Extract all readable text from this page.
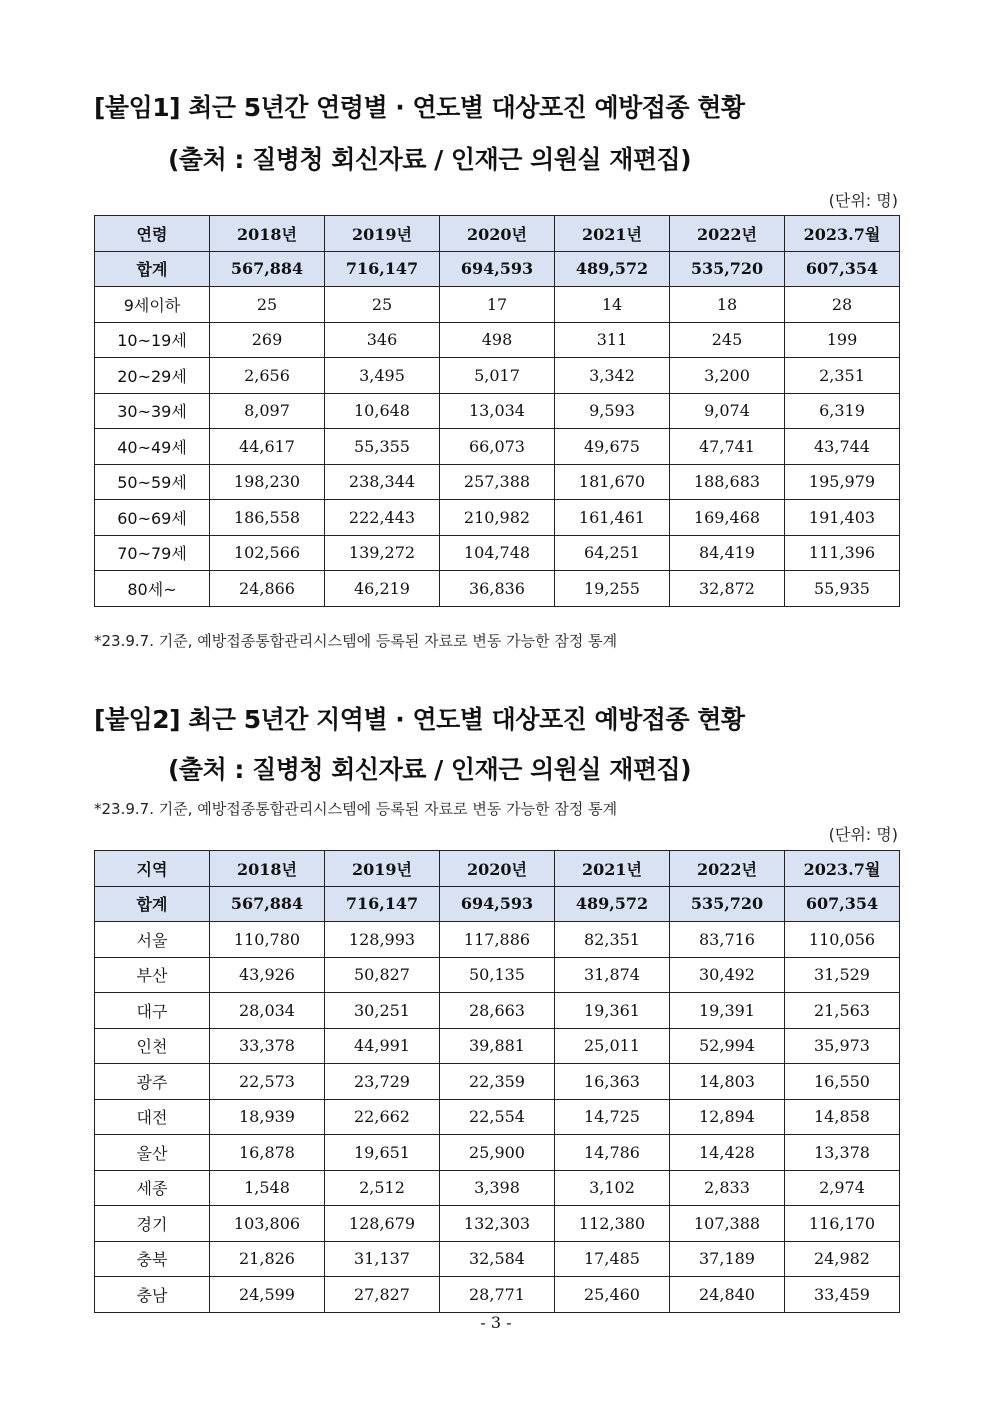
[붙임1] 최근 5년간 연령별 · 연도별 대상포진 예방접종 현황
(출처 : 질병청 회신자료 / 인재근 의원실 재편집)
(단위: 명)
연령	2018년	2019년	2020년	2021년	2022년	2023.7월
합계	567,884	716,147	694,593	489,572	535,720	607,354
9세이하	25	25	17	14	18	28
10~19세	269	346	498	311	245	199
20~29세	2,656	3,495	5,017	3,342	3,200	2,351
30~39세	8,097	10,648	13,034	9,593	9,074	6,319
40~49세	44,617	55,355	66,073	49,675	47,741	43,744
50~59세	198,230	238,344	257,388	181,670	188,683	195,979
60~69세	186,558	222,443	210,982	161,461	169,468	191,403
70~79세	102,566	139,272	104,748	64,251	84,419	111,396
80세~	24,866	46,219	36,836	19,255	32,872	55,935
*23.9.7. 기준, 예방접종통합관리시스템에 등록된 자료로 변동 가능한 잠정 통계
[붙임2] 최근 5년간 지역별 · 연도별 대상포진 예방접종 현황
(출처 : 질병청 회신자료 / 인재근 의원실 재편집)
*23.9.7. 기준, 예방접종통합관리시스템에 등록된 자료로 변동 가능한 잠정 통계
(단위: 명)
지역	2018년	2019년	2020년	2021년	2022년	2023.7월
합계	567,884	716,147	694,593	489,572	535,720	607,354
서울	110,780	128,993	117,886	82,351	83,716	110,056
부산	43,926	50,827	50,135	31,874	30,492	31,529
대구	28,034	30,251	28,663	19,361	19,391	21,563
인천	33,378	44,991	39,881	25,011	52,994	35,973
광주	22,573	23,729	22,359	16,363	14,803	16,550
대전	18,939	22,662	22,554	14,725	12,894	14,858
울산	16,878	19,651	25,900	14,786	14,428	13,378
세종	1,548	2,512	3,398	3,102	2,833	2,974
경기	103,806	128,679	132,303	112,380	107,388	116,170
충북	21,826	31,137	32,584	17,485	37,189	24,982
충남	24,599	27,827	28,771	25,460	24,840	33,459
- 3 -
